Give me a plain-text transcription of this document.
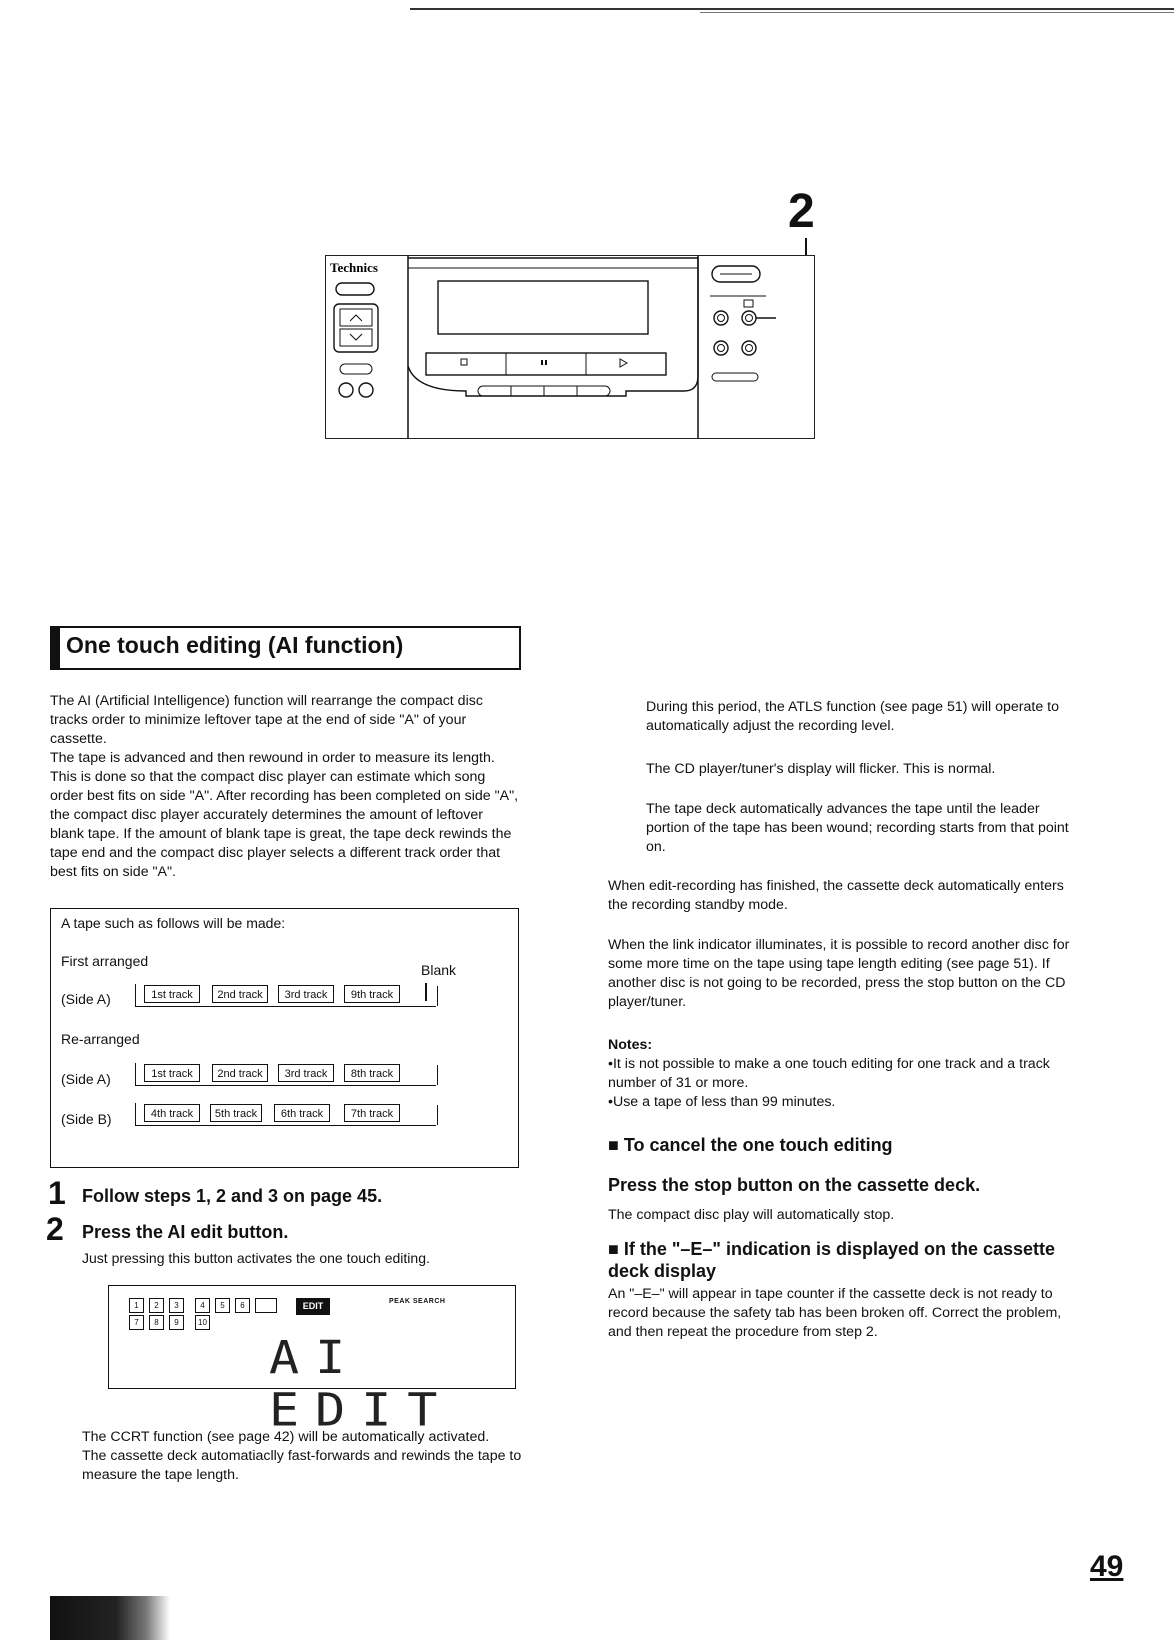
2
Technics
One touch editing (AI function)

The AI (Artificial Intelligence) function will rearrange the compact disc tracks order to minimize leftover tape at the end of side "A" of your cassette.

The tape is advanced and then rewound in order to measure its length. This is done so that the compact disc player can estimate which song order best fits on side "A". After recording has been completed on side "A", the compact disc player accurately determines the amount of leftover blank tape. If the amount of blank tape is great, the tape deck rewinds the tape end and the compact disc player selects a different track order that best fits on side "A".

A tape such as follows will be made:
First arranged
Blank
(Side A)	1st track	2nd track	3rd track	9th track
Re-arranged
(Side A)	1st track	2nd track	3rd track	8th track
(Side B)	4th track	5th track	6th track	7th track
1 Follow steps 1, 2 and 3 on page 45.
2 Press the AI edit button.
Just pressing this button activates the one touch editing.
1	2	3	4	5	6
7	8	9	10
EDIT	PEAK SEARCH
AI EDIT

The CCRT function (see page 42) will be automatically activated.

The cassette deck automatiaclly fast-forwards and rewinds the tape to measure the tape length.

During this period, the ATLS function (see page 51) will operate to automatically adjust the recording level.

The CD player/tuner's display will flicker. This is normal.

The tape deck automatically advances the tape until the leader portion of the tape has been wound; recording starts from that point on.

When edit-recording has finished, the cassette deck automatically enters the recording standby mode.

When the link indicator illuminates, it is possible to record another disc for some more time on the tape using tape length editing (see page 51). If another disc is not going to be recorded, press the stop button on the CD player/tuner.

Notes:

•It is not possible to make a one touch editing for one track and a track number of 31 or more.

•Use a tape of less than 99 minutes.

■ To cancel the one touch editing
Press the stop button on the cassette deck.

The compact disc play will automatically stop.

■ If the "–E–" indication is displayed on the cassette deck display

An "–E–" will appear in tape counter if the cassette deck is not ready to record because the safety tab has been broken off. Correct the problem, and then repeat the procedure from step 2.

49
